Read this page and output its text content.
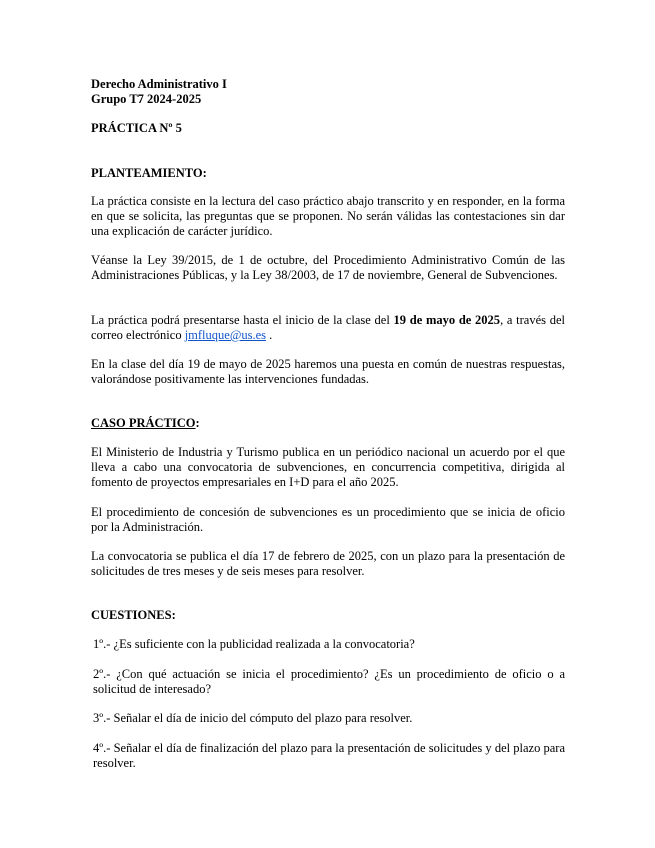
Derecho Administrativo I
Grupo T7 2024-2025
PRÁCTICA Nº 5
PLANTEAMIENTO:
La práctica consiste en la lectura del caso práctico abajo transcrito y en responder, en la forma en que se solicita, las preguntas que se proponen. No serán válidas las contestaciones sin dar una explicación de carácter jurídico.
Véanse la Ley 39/2015, de 1 de octubre, del Procedimiento Administrativo Común de las Administraciones Públicas, y la Ley 38/2003, de 17 de noviembre, General de Subvenciones.
La práctica podrá presentarse hasta el inicio de la clase del 19 de mayo de 2025, a través del correo electrónico jmfluque@us.es .
En la clase del día 19 de mayo de 2025 haremos una puesta en común de nuestras respuestas, valorándose positivamente las intervenciones fundadas.
CASO PRÁCTICO:
El Ministerio de Industria y Turismo publica en un periódico nacional un acuerdo por el que lleva a cabo una convocatoria de subvenciones, en concurrencia competitiva, dirigida al fomento de proyectos empresariales en I+D para el año 2025.
El procedimiento de concesión de subvenciones es un procedimiento que se inicia de oficio por la Administración.
La convocatoria se publica el día 17 de febrero de 2025, con un plazo para la presentación de solicitudes de tres meses y de seis meses para resolver.
CUESTIONES:
1º.- ¿Es suficiente con la publicidad realizada a la convocatoria?
2º.- ¿Con qué actuación se inicia el procedimiento? ¿Es un procedimiento de oficio o a solicitud de interesado?
3º.- Señalar el día de inicio del cómputo del plazo para resolver.
4º.- Señalar el día de finalización del plazo para la presentación de solicitudes y del plazo para resolver.
